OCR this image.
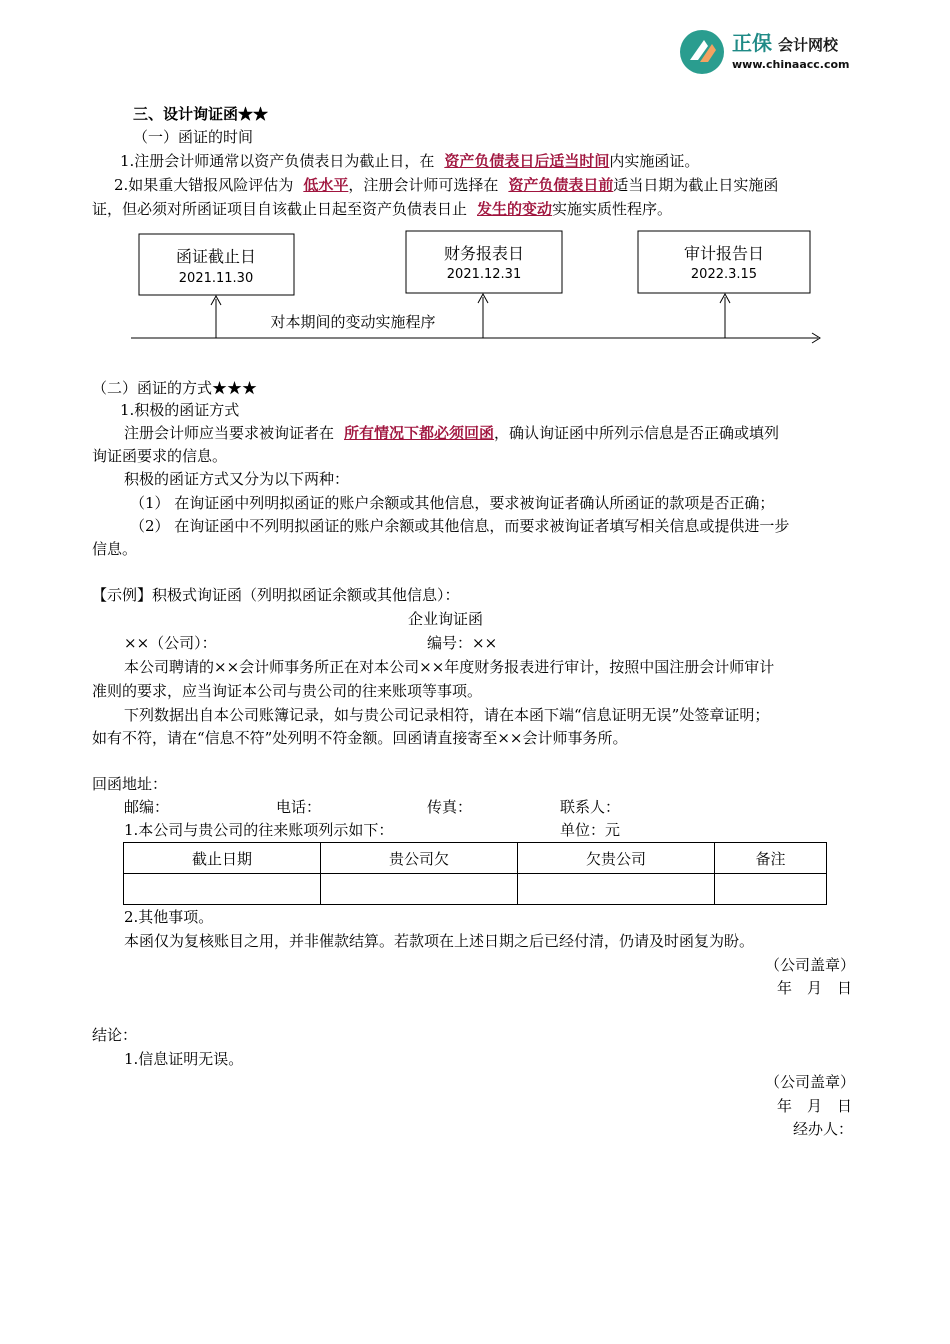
正保 会计网校
www.chinaacc.com
三、设计询证函★★
（一）函证的时间
1.注册会计师通常以资产负债表日为截止日，在 资产负债表日后适当时间内实施函证。
2.如果重大错报风险评估为 低水平，注册会计师可选择在 资产负债表日前适当日期为截止日实施函
证，但必须对所函证项目自该截止日起至资产负债表日止 发生的变动实施实质性程序。
函证截止日
2021.11.30
财务报表日
2021.12.31
审计报告日
2022.3.15
对本期间的变动实施程序
（二）函证的方式★★★
1.积极的函证方式
注册会计师应当要求被询证者在 所有情况下都必须回函，确认询证函中所列示信息是否正确或填列
询证函要求的信息。
积极的函证方式又分为以下两种：
（1） 在询证函中列明拟函证的账户余额或其他信息，要求被询证者确认所函证的款项是否正确；
（2） 在询证函中不列明拟函证的账户余额或其他信息，而要求被询证者填写相关信息或提供进一步
信息。
【示例】积极式询证函（列明拟函证余额或其他信息）：
企业询证函
××（公司）：	编号：××
本公司聘请的××会计师事务所正在对本公司××年度财务报表进行审计，按照中国注册会计师审计
准则的要求，应当询证本公司与贵公司的往来账项等事项。
下列数据出自本公司账簿记录，如与贵公司记录相符，请在本函下端“信息证明无误”处签章证明；
如有不符，请在“信息不符”处列明不符金额。回函请直接寄至××会计师事务所。
回函地址：
邮编：	电话：	传真：	联系人：
1.本公司与贵公司的往来账项列示如下：	单位：元
截止日期	贵公司欠	欠贵公司	备注

2.其他事项。
本函仅为复核账目之用，并非催款结算。若款项在上述日期之后已经付清，仍请及时函复为盼。
（公司盖章）
年　月　日
结论：
1.信息证明无误。
（公司盖章）
年　月　日
经办人：
